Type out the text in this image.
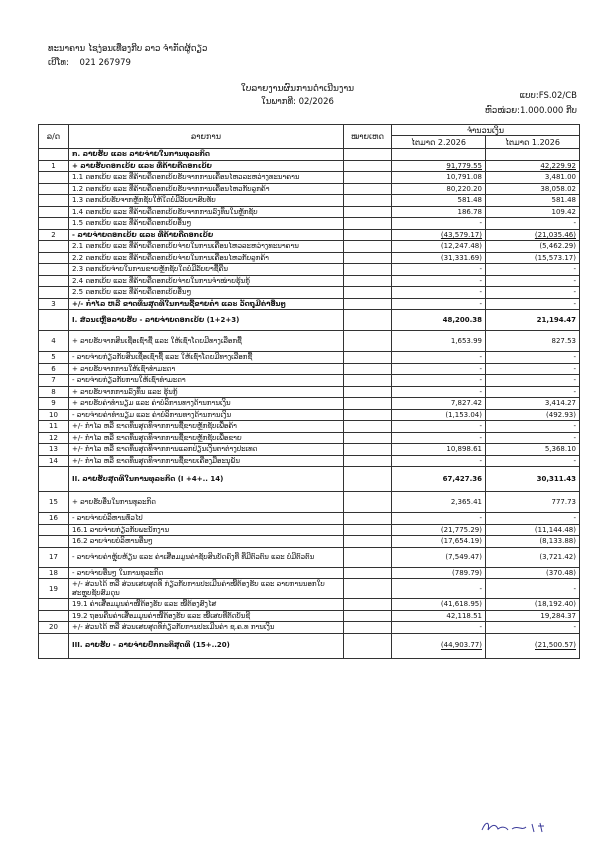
ທະນາຄານ ໄຊງ່ອນເທື່ອງກີບ ລາວ ຈໍາກັດຜູ້ດຽວ
ເບີໂທ: 021 267979
ໃບລາຍງານຜົນການດຳເນີນງານ
ໃນພາກທີ: 02/2026
ແບບ:FS.02/CB
ຫົວໜ່ວຍ:1.000.000 ກີບ
ລ/ດ	ລາຍການ	ໝາຍເຫດ	ຈຳນວນເງິນ	
			ໄຕມາດ 2.2026	ໄຕມາດ 1.2026
	ກ. ລາຍຮັບ ແລະ ລາຍຈ່າຍໃນການທຸລະກິດ			
1	+ ລາຍຮັບດອກເບ້ຍ ແລະ ທີ່ຄ້າຍຄືດອກເບ້ຍ		91,779.55	42,229.92
	1.1 ດອກເບ້ຍ ແລະ ທີ່ຄ້າຍຄືດອກເບ້ຍຮັບຈາກການເຄື່ອນໄຫວລະຫວ່າງທະນາຄານ		10,791.08	3,481.00
	1.2 ດອກເບ້ຍ ແລະ ທີ່ຄ້າຍຄືດອກເບ້ຍຮັບຈາກການເຄື່ອນໄຫວກັບລູກຄ້າ		80,220.20	38,058.02
	1.3 ດອກເບ້ຍຮັບຈາກຫຼັກຊັບໃຫ້ໃດບໍ່ມີລັບຍາສົບທັບ		581.48	581.48
	1.4 ດອກເບ້ຍ ແລະ ທີ່ຄ້າຍຄືດອກເບ້ຍຮັບຈາກການລົງທຶນໃນຫຼັກຊັບ		186.78	109.42
	1.5 ດອກເບ້ຍ ແລະ ທີ່ຄ້າຍຄືດອກເບ້ຍອື່ນໆ		-	-
2	- ລາຍຈ່າຍດອກເບ້ຍ ແລະ ທີ່ຄ້າຍຄືດອກເບ້ຍ		(43,579.17)	(21,035.46)
	2.1 ດອກເບ້ຍ ແລະ ທີ່ຄ້າຍຄືດອກເບ້ຍຈ່າຍໃນການເຄື່ອນໄຫວລະຫວ່າງທະນາຄານ		(12,247.48)	(5,462.29)
	2.2 ດອກເບ້ຍ ແລະ ທີ່ຄ້າຍຄືດອກເບ້ຍຈ່າຍໃນການເຄື່ອນໄຫວກັບລູກຄ້າ		(31,331.69)	(15,573.17)
	2.3 ດອກເບ້ຍຈ່າຍໃນການຂາຍຫຼັກຊັບໃດບໍ່ມີລັບຍາຊື້ຄືນ		-	-
	2.4 ດອກເບ້ຍ ແລະ ທີ່ຄ້າຍຄືດອກເບ້ຍຈ່າຍໃນການຈຳໜ່າຍຮຸ້ນກູ້		-	-
	2.5 ດອກເບ້ຍ ແລະ ທີ່ຄ້າຍຄືດອກເບ້ຍອື່ນໆ		-	-
3	+/- ກຳໄລ ຫລື ຂາດທຶນສຸດທິໃນການຊື້ຂາຍຄຳ ແລະ ວັດຖຸມີຄ່າອື່ນໆ		-	-
	I. ສ່ວນເຫຼືອລາຍຮັບ - ລາຍຈ່າຍດອກເບ້ຍ (1+2+3)		48,200.38	21,194.47
4	+ ລາຍຮັບຈາກສິນເຊື່ອເຊົ່າຊື້ ແລະ ໃຫ້ເຊົ່າໂດຍມີທາງເລືອກຊື້		1,653.99	827.53
5	- ລາຍຈ່າຍກ່ຽວກັບສິນເຊື່ອເຊົ່າຊື້ ແລະ ໃຫ້ເຊົ່າໂດຍມີທາງເລືອກຊື້		-	-
6	+ ລາຍຮັບຈາກການໃຫ້ເຊົ່າທຳມະດາ		-	-
7	- ລາຍຈ່າຍກ່ຽວກັບການໃຫ້ເຊົ່າທຳມະດາ		-	-
8	+ ລາຍຮັບຈາກການລົງທຶນ ແລະ ຮຸ້ນກູ້		-	-
9	+ ລາຍຮັບຄ່າທຳນຽມ ແລະ ຄ່າບໍລິການທາງດ້ານການເງິນ		7,827.42	3,414.27
10	- ລາຍຈ່າຍຄ່າທຳນຽມ ແລະ ຄ່າບໍລິການທາງດ້ານການເງິນ		(1,153.04)	(492.93)
11	+/- ກຳໄລ ຫລື ຂາດທຶນສຸດທິຈາກການຊື້ຂາຍຫຼັກຊັບເພື່ອຄ້າ		-	-
12	+/- ກຳໄລ ຫລື ຂາດທຶນສຸດທິຈາກການຊື້ຂາຍຫຼັກຊັບເພື່ອຂາຍ		-	-
13	+/- ກຳໄລ ຫລື ຂາດທຶນສຸດທິຈາກການແລກປ່ຽນເງິນຕາຕ່າງປະເທດ		10,898.61	5,368.10
14	+/- ກຳໄລ ຫລື ຂາດທຶນສຸດທິຈາກການຊື້ຂາຍເຄື່ອງມືອະນຸພັນ		-	-
	II. ລາຍຮັບສຸດທິໃນການທຸລະກິດ (I +4+.. 14)		67,427.36	30,311.43
15	+ ລາຍຮັບອື່ນໃນການທຸລະກິດ		2,365.41	777.73
16	- ລາຍຈ່າຍບໍລິຫານທົ່ວໄປ		-	-
	16.1 ລາຍຈ່າຍກ່ຽວກັບພະນັກງານ		(21,775.29)	(11,144.48)
	16.2 ລາຍຈ່າຍບໍລິຫານອື່ນໆ		(17,654.19)	(8,133.88)
17	- ລາຍຈ່າຍຄ່າຫຼຸ້ຍຫ້ຽນ ແລະ ຄ່າເສື່ອມມູນຄ່າຊັບສິນບັດຄົງທີ່ ທີ່ມີຕົວຕົນ ແລະ ບໍ່ມີຕົວຕົນ		(7,549.47)	(3,721.42)
18	- ລາຍຈ່າຍອື່ນໆ ໃນການທຸລະກິດ		(789.79)	(370.48)
19	+/- ສ່ວນໄດ້ ຫລື ສ່ວນເສຍສຸດທິ ກ່ຽວກັບການປະເມີນຄ່າໜີ້ຕ້ອງຮັບ ແລະ ລາຍການນອກໃບສະຫຼຸບຊັບສົມດຸນ		-	-
	19.1 ຄ່າເສື່ອມມູນຄ່າໜີ້ຕ້ອງຮັບ ແລະ ໜີ້ຕ້ອງສົງໄສ		(41,618.95)	(18,192.40)
	19.2 ຖອນຄືນຄ່າເສື່ອມມູນຄ່າໜີ້ຕ້ອງຮັບ ແລະ ໜີ້ເສຍທີ່ຕັດບັນຊີ		42,118.51	19,284.37
20	+/- ສ່ວນໄດ້ ຫລື ສ່ວນເສຍສຸດທິກ່ຽວກັບການປະເມີນຄ່າ ຊ.ຄ.ທ ການເງິນ		-	-
	III. ລາຍຮັບ - ລາຍຈ່າຍປົກກະຕິສຸດທິ (15+..20)		(44,903.77)	(21,500.57)
